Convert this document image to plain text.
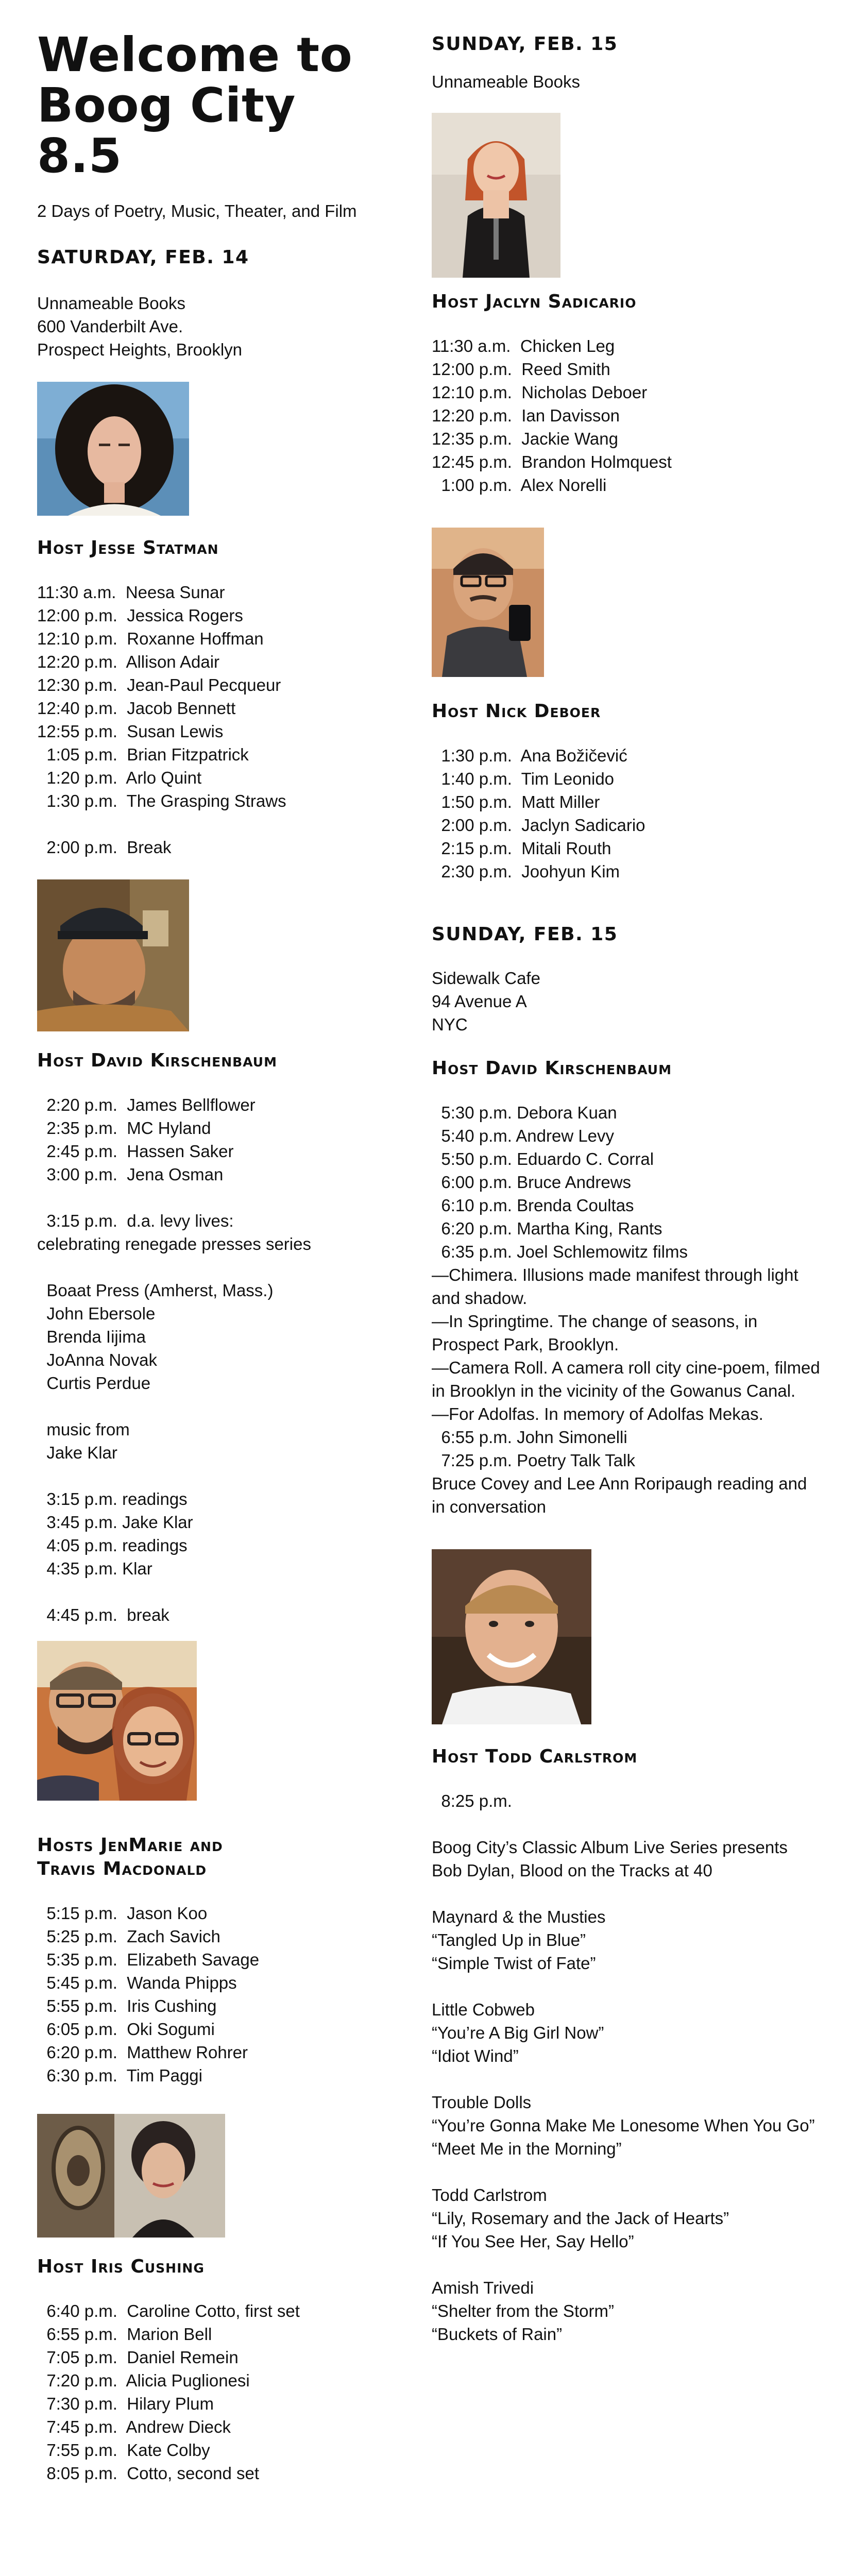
Welcome to
Boog City 8.5
2 Days of Poetry, Music, Theater, and Film
SATURDAY, FEB. 14
Unnameable Books
600 Vanderbilt Ave.
Prospect Heights, Brooklyn
Host Jesse Statman
11:30 a.m.  Neesa Sunar
12:00 p.m.  Jessica Rogers
12:10 p.m.  Roxanne Hoffman
12:20 p.m.  Allison Adair
12:30 p.m.  Jean-Paul Pecqueur
12:40 p.m.  Jacob Bennett
12:55 p.m.  Susan Lewis
1:05 p.m.  Brian Fitzpatrick
1:20 p.m.  Arlo Quint
1:30 p.m.  The Grasping Straws
2:00 p.m.  Break
Host David Kirschenbaum
2:20 p.m.  James Bellflower
2:35 p.m.  MC Hyland
2:45 p.m.  Hassen Saker
3:00 p.m.  Jena Osman
3:15 p.m.  d.a. levy lives:
celebrating renegade presses series
Boaat Press (Amherst, Mass.)
John Ebersole
Brenda Iijima
JoAnna Novak
Curtis Perdue
music from
Jake Klar
3:15 p.m. readings
3:45 p.m. Jake Klar
4:05 p.m. readings
4:35 p.m. Klar
4:45 p.m.  break
Hosts JenMarie and
Travis Macdonald
5:15 p.m.  Jason Koo
5:25 p.m.  Zach Savich
5:35 p.m.  Elizabeth Savage
5:45 p.m.  Wanda Phipps
5:55 p.m.  Iris Cushing
6:05 p.m.  Oki Sogumi
6:20 p.m.  Matthew Rohrer
6:30 p.m.  Tim Paggi
Host Iris Cushing
6:40 p.m.  Caroline Cotto, first set
6:55 p.m.  Marion Bell
7:05 p.m.  Daniel Remein
7:20 p.m.  Alicia Puglionesi
7:30 p.m.  Hilary Plum
7:45 p.m.  Andrew Dieck
7:55 p.m.  Kate Colby
8:05 p.m.  Cotto, second set
SUNDAY, FEB. 15
Unnameable Books
Host Jaclyn Sadicario
11:30 a.m.  Chicken Leg
12:00 p.m.  Reed Smith
12:10 p.m.  Nicholas Deboer
12:20 p.m.  Ian Davisson
12:35 p.m.  Jackie Wang
12:45 p.m.  Brandon Holmquest
1:00 p.m.  Alex Norelli
Host Nick Deboer
1:30 p.m.  Ana Božičević
1:40 p.m.  Tim Leonido
1:50 p.m.  Matt Miller
2:00 p.m.  Jaclyn Sadicario
2:15 p.m.  Mitali Routh
2:30 p.m.  Joohyun Kim
SUNDAY, FEB. 15
Sidewalk Cafe
94 Avenue A
NYC
Host David Kirschenbaum
5:30 p.m. Debora Kuan
5:40 p.m. Andrew Levy
5:50 p.m. Eduardo C. Corral
6:00 p.m. Bruce Andrews
6:10 p.m. Brenda Coultas
6:20 p.m. Martha King, Rants
6:35 p.m. Joel Schlemowitz films
—Chimera. Illusions made manifest through light and shadow.
—In Springtime. The change of seasons, in Prospect Park, Brooklyn.
—Camera Roll. A camera roll city cine-poem, filmed in Brooklyn in the vicinity of the Gowanus Canal.
—For Adolfas. In memory of Adolfas Mekas.
6:55 p.m. John Simonelli
7:25 p.m. Poetry Talk Talk
Bruce Covey and Lee Ann Roripaugh reading and in conversation
Host Todd Carlstrom
8:25 p.m.
Boog City’s Classic Album Live Series presents
Bob Dylan, Blood on the Tracks at 40
Maynard & the Musties
“Tangled Up in Blue”
“Simple Twist of Fate”
Little Cobweb
“You’re A Big Girl Now”
“Idiot Wind”
Trouble Dolls
“You’re Gonna Make Me Lonesome When You Go”
“Meet Me in the Morning”
Todd Carlstrom
“Lily, Rosemary and the Jack of Hearts”
“If You See Her, Say Hello”
Amish Trivedi
“Shelter from the Storm”
“Buckets of Rain”
